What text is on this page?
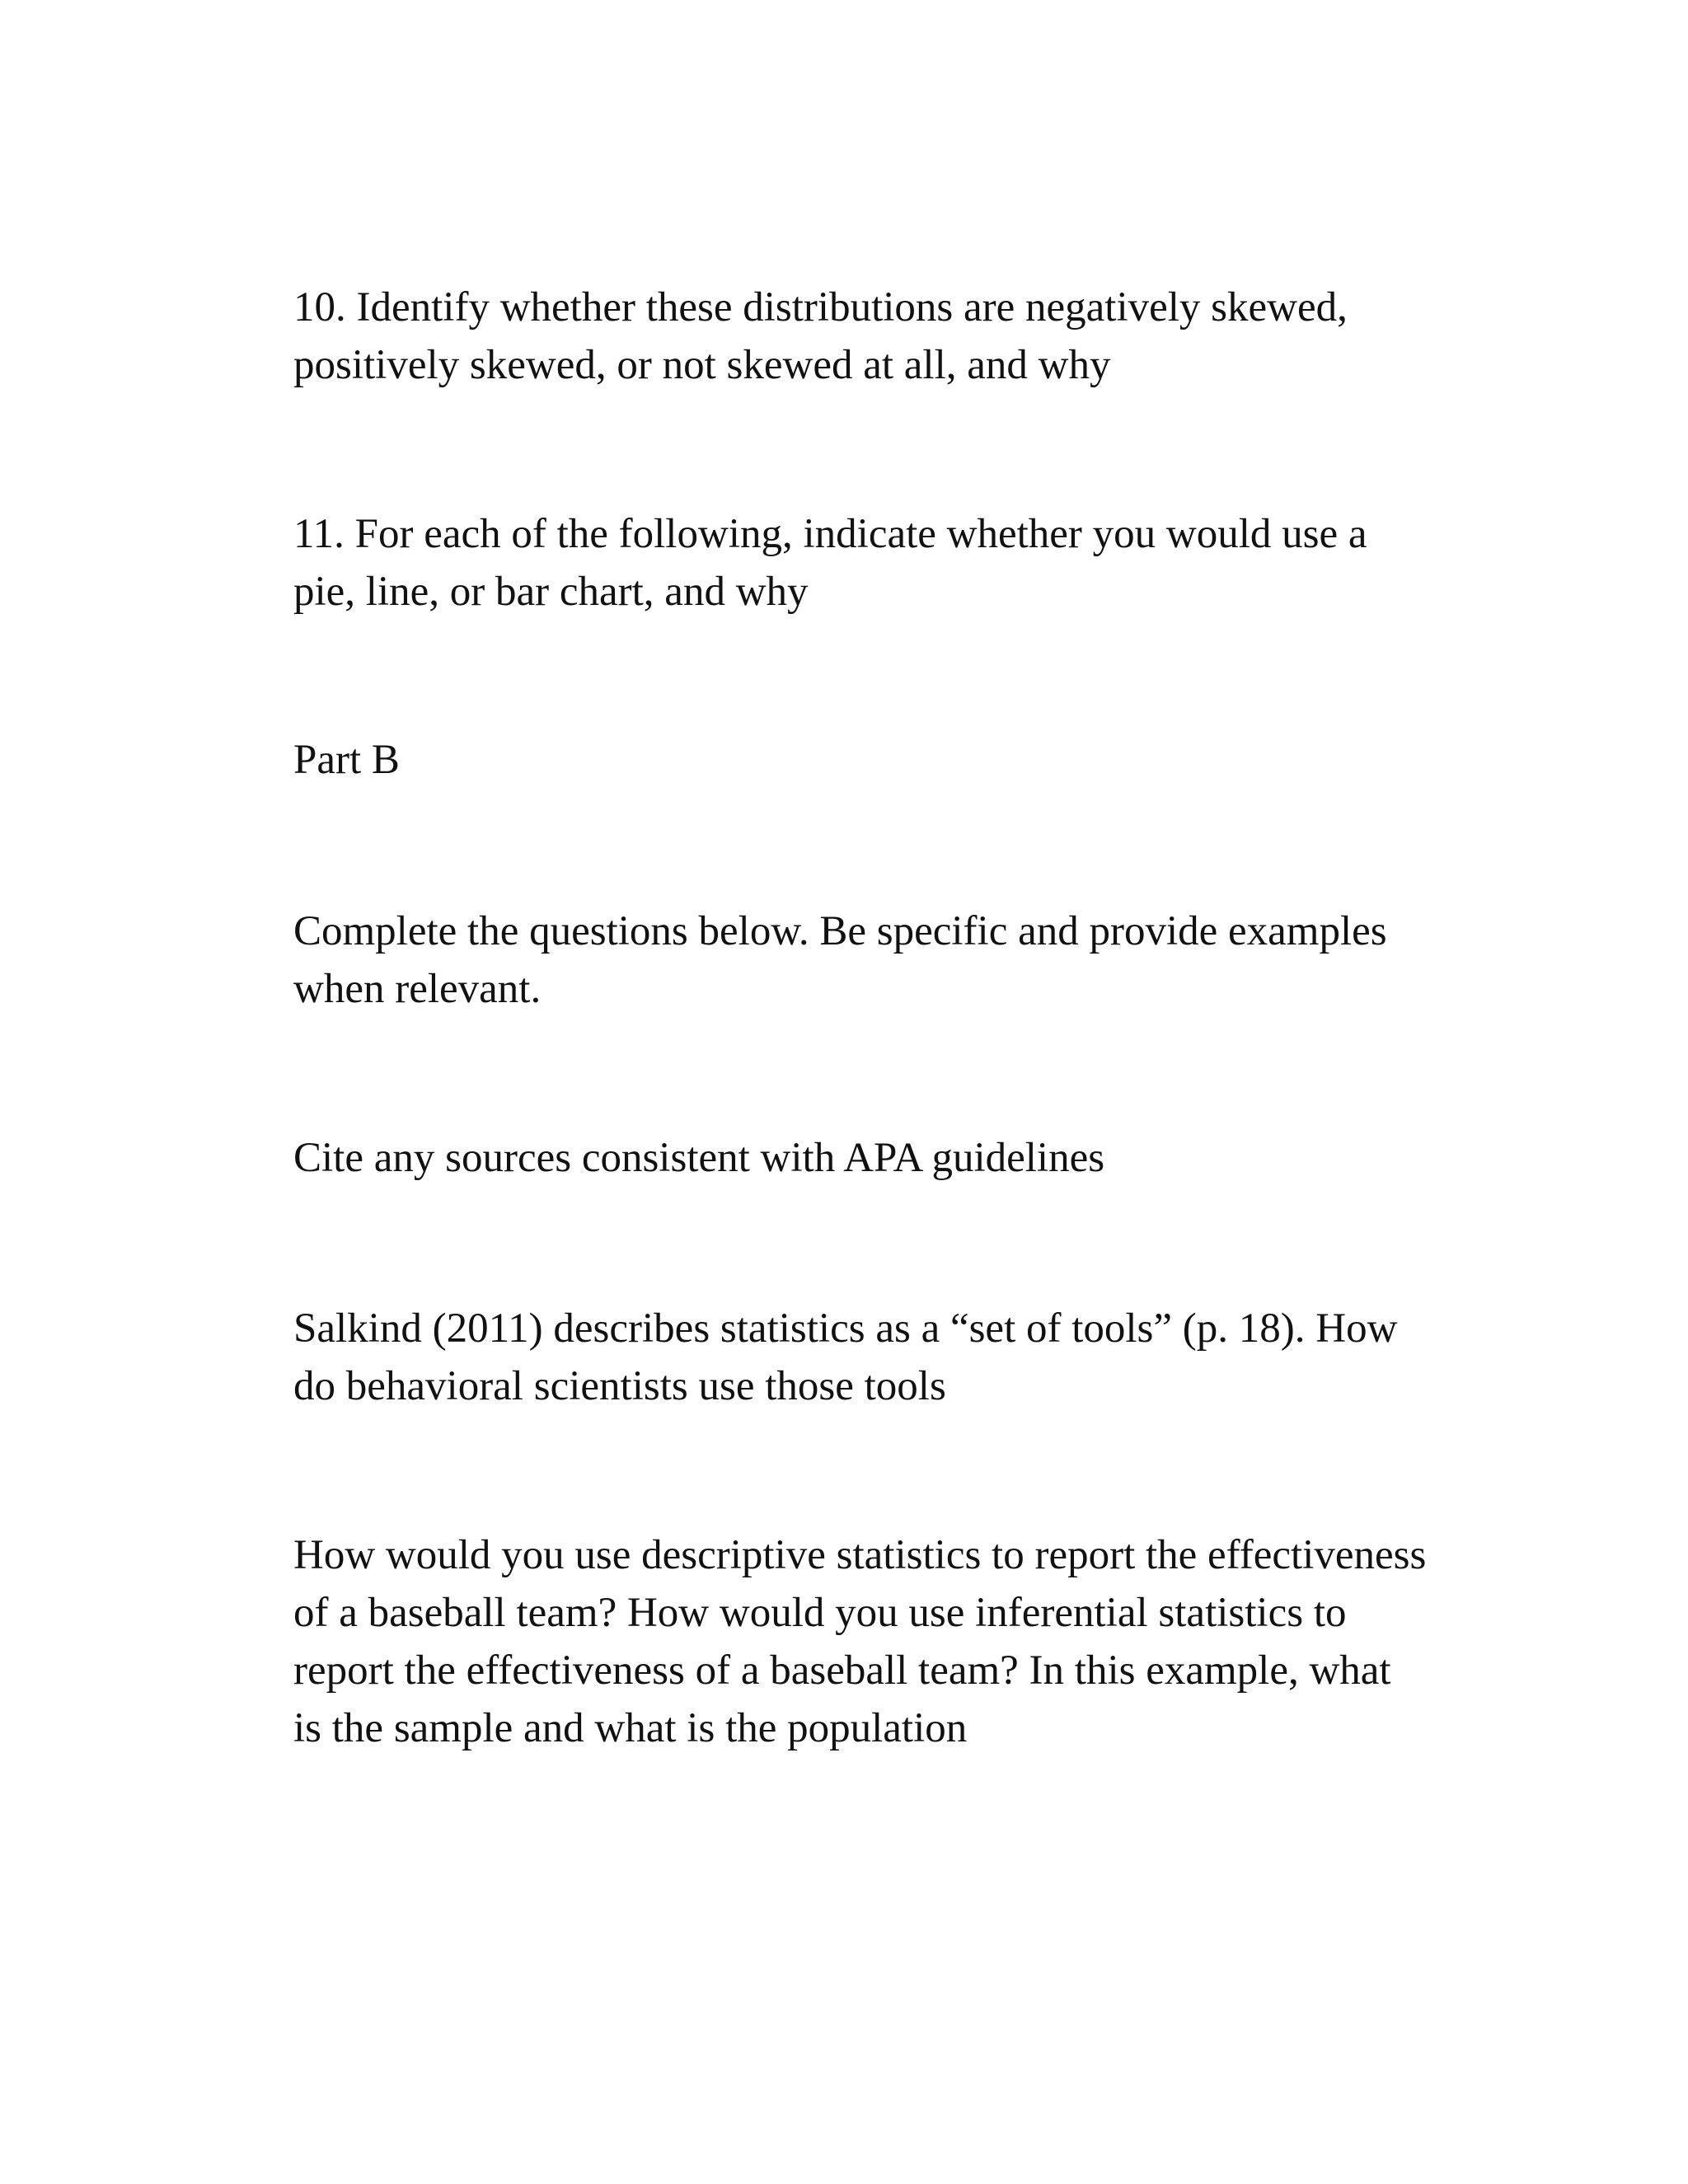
10. Identify whether these distributions are negatively skewed,
positively skewed, or not skewed at all, and why

11. For each of the following, indicate whether you would use a
pie, line, or bar chart, and why

Part B

Complete the questions below. Be specific and provide examples
when relevant.

Cite any sources consistent with APA guidelines

Salkind (2011) describes statistics as a “set of tools” (p. 18). How
do behavioral scientists use those tools

How would you use descriptive statistics to report the effectiveness
of a baseball team? How would you use inferential statistics to
report the effectiveness of a baseball team? In this example, what
is the sample and what is the population
